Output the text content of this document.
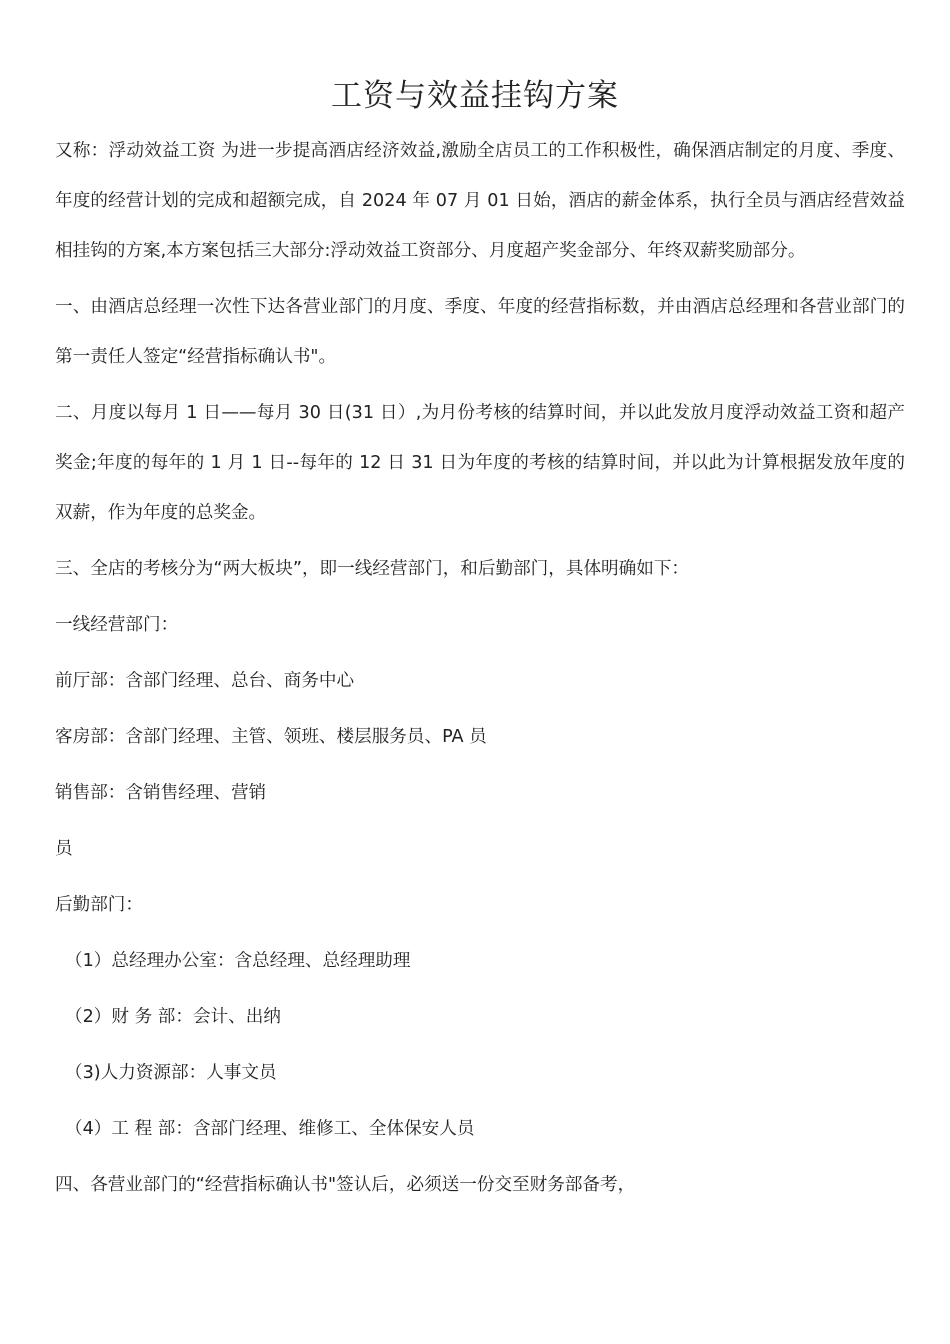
工资与效益挂钩方案

又称：浮动效益工资 为进一步提高酒店经济效益,激励全店员工的工作积极性，确保酒店制定的月度、季度、年度的经营计划的完成和超额完成，自 2024 年 07 月 01 日始，酒店的薪金体系，执行全员与酒店经营效益相挂钩的方案,本方案包括三大部分:浮动效益工资部分、月度超产奖金部分、年终双薪奖励部分。

一、由酒店总经理一次性下达各营业部门的月度、季度、年度的经营指标数，并由酒店总经理和各营业部门的第一责任人签定“经营指标确认书"。

二、月度以每月 1 日——每月 30 日(31 日）,为月份考核的结算时间，并以此发放月度浮动效益工资和超产奖金;年度的每年的 1 月 1 日--每年的 12 日 31 日为年度的考核的结算时间，并以此为计算根据发放年度的双薪，作为年度的总奖金。

三、全店的考核分为“两大板块”，即一线经营部门，和后勤部门，具体明确如下：

一线经营部门：

前厅部：含部门经理、总台、商务中心

客房部：含部门经理、主管、领班、楼层服务员、PA 员

销售部：含销售经理、营销

员

后勤部门：

（1）总经理办公室：含总经理、总经理助理

（2）财 务 部：会计、出纳

（3)人力资源部：人事文员

（4）工 程 部：含部门经理、维修工、全体保安人员

四、各营业部门的“经营指标确认书"签认后，必须送一份交至财务部备考，
